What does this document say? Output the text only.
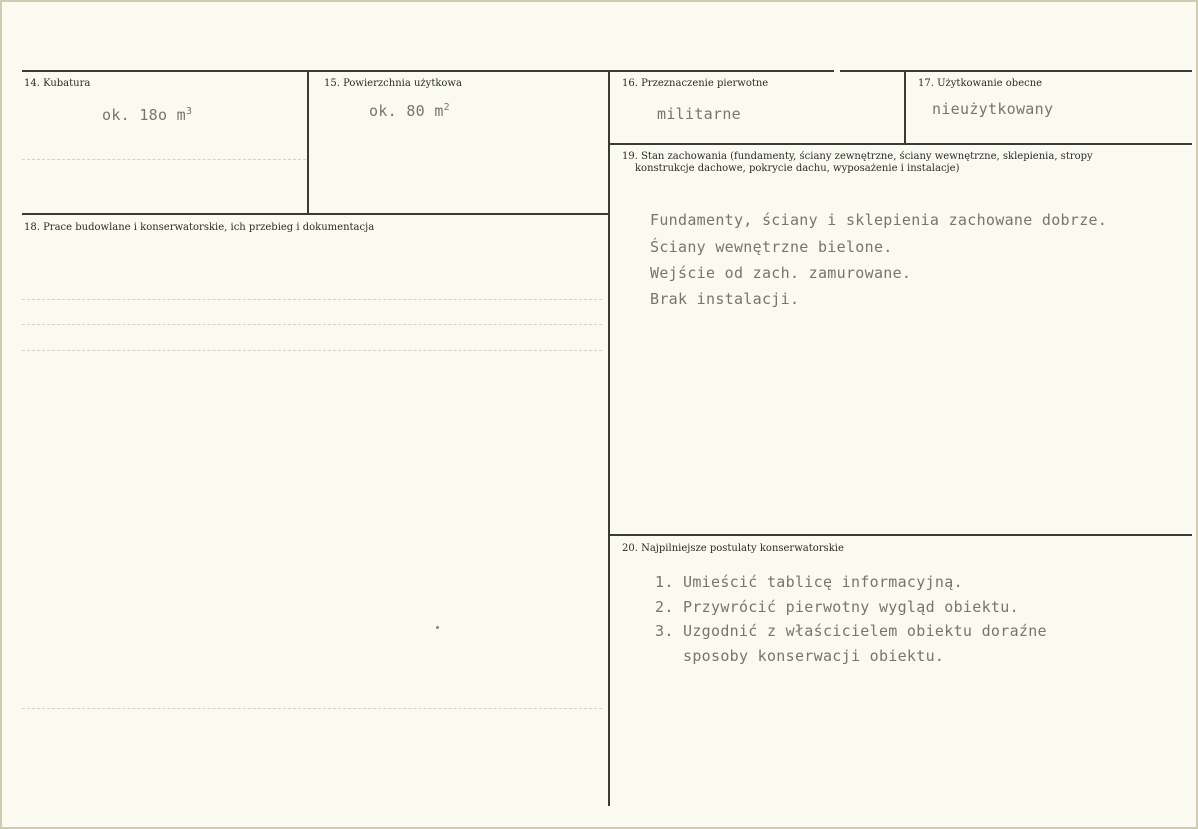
14. Kubatura
ok. 18o $m^3$
15. Powierzchnia użytkowa
ok. 80 $m^2$
16. Przeznaczenie pierwotne
militarne
17. Użytkowanie obecne
nieużytkowany
18. Prace budowlane i konserwatorskie, ich przebieg i dokumentacja
19. Stan zachowania (fundamenty, ściany zewnętrzne, ściany wewnętrzne, sklepienia, stropy
konstrukcje dachowe, pokrycie dachu, wyposażenie i instalacje)
Fundamenty, ściany i sklepienia zachowane dobrze.
Ściany wewnętrzne bielone.
Wejście od zach. zamurowane.
Brak instalacji.
20. Najpilniejsze postulaty konserwatorskie
1. Umieścić tablicę informacyjną.
2. Przywrócić pierwotny wygląd obiektu.
3. Uzgodnić z właścicielem obiektu doraźne
sposoby konserwacji obiektu.
